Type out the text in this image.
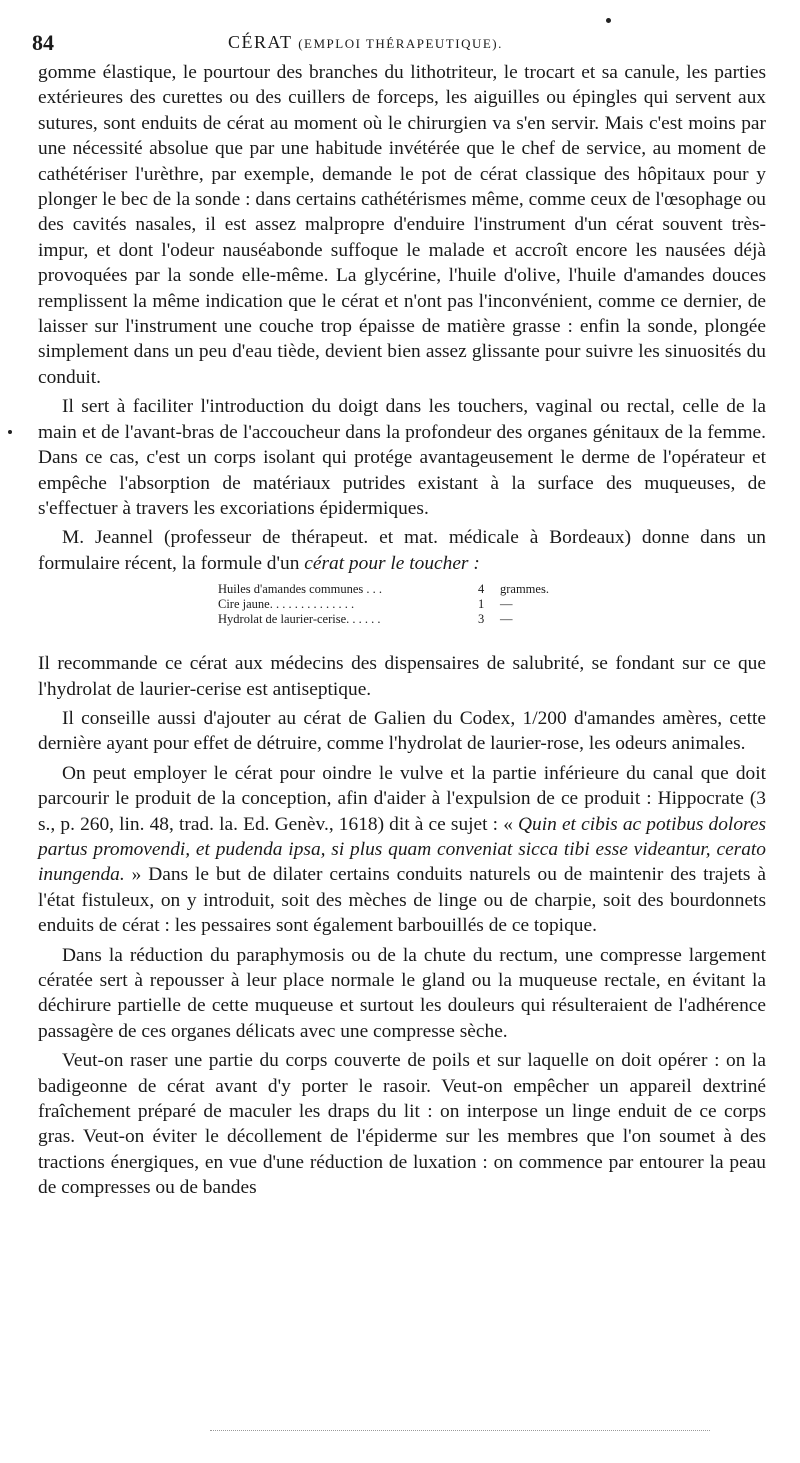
84	CÉRAT (EMPLOI THÉRAPEUTIQUE).

gomme élastique, le pourtour des branches du lithotriteur, le trocart et sa canule, les parties extérieures des curettes ou des cuillers de forceps, les aiguilles ou épingles qui servent aux sutures, sont enduits de cérat au moment où le chirurgien va s'en servir. Mais c'est moins par une nécessité absolue que par une habitude invétérée que le chef de service, au moment de cathétériser l'urèthre, par exemple, demande le pot de cérat classique des hôpitaux pour y plonger le bec de la sonde : dans certains cathétérismes même, comme ceux de l'œsophage ou des cavités nasales, il est assez malpropre d'enduire l'instrument d'un cérat souvent très-impur, et dont l'odeur nauséabonde suffoque le malade et accroît encore les nausées déjà provoquées par la sonde elle-même. La glycérine, l'huile d'olive, l'huile d'amandes douces remplissent la même indication que le cérat et n'ont pas l'inconvénient, comme ce dernier, de laisser sur l'instrument une couche trop épaisse de matière grasse : enfin la sonde, plongée simplement dans un peu d'eau tiède, devient bien assez glissante pour suivre les sinuosités du conduit.

Il sert à faciliter l'introduction du doigt dans les touchers, vaginal ou rectal, celle de la main et de l'avant-bras de l'accoucheur dans la profondeur des organes génitaux de la femme. Dans ce cas, c'est un corps isolant qui protége avantageusement le derme de l'opérateur et empêche l'absorption de matériaux putrides existant à la surface des muqueuses, de s'effectuer à travers les excoriations épidermiques.

M. Jeannel (professeur de thérapeut. et mat. médicale à Bordeaux) donne dans un formulaire récent, la formule d'un cérat pour le toucher :

Huiles d'amandes communes . . .	4	grammes.
Cire jaune. . . . . . . . . . . . . .	1	—
Hydrolat de laurier-cerise. . . . . .	3	—

Il recommande ce cérat aux médecins des dispensaires de salubrité, se fondant sur ce que l'hydrolat de laurier-cerise est antiseptique.

Il conseille aussi d'ajouter au cérat de Galien du Codex, 1/200 d'amandes amères, cette dernière ayant pour effet de détruire, comme l'hydrolat de laurier-rose, les odeurs animales.

On peut employer le cérat pour oindre le vulve et la partie inférieure du canal que doit parcourir le produit de la conception, afin d'aider à l'expulsion de ce produit : Hippocrate (3 s., p. 260, lin. 48, trad. la. Ed. Genèv., 1618) dit à ce sujet : « Quin et cibis ac potibus dolores partus promovendi, et pudenda ipsa, si plus quam conveniat sicca tibi esse videantur, cerato inungenda. » Dans le but de dilater certains conduits naturels ou de maintenir des trajets à l'état fistuleux, on y introduit, soit des mèches de linge ou de charpie, soit des bourdonnets enduits de cérat : les pessaires sont également barbouillés de ce topique.

Dans la réduction du paraphymosis ou de la chute du rectum, une compresse largement cératée sert à repousser à leur place normale le gland ou la muqueuse rectale, en évitant la déchirure partielle de cette muqueuse et surtout les douleurs qui résulteraient de l'adhérence passagère de ces organes délicats avec une compresse sèche.

Veut-on raser une partie du corps couverte de poils et sur laquelle on doit opérer : on la badigeonne de cérat avant d'y porter le rasoir. Veut-on empêcher un appareil dextriné fraîchement préparé de maculer les draps du lit : on interpose un linge enduit de ce corps gras. Veut-on éviter le décollement de l'épiderme sur les membres que l'on soumet à des tractions énergiques, en vue d'une réduction de luxation : on commence par entourer la peau de compresses ou de bandes
